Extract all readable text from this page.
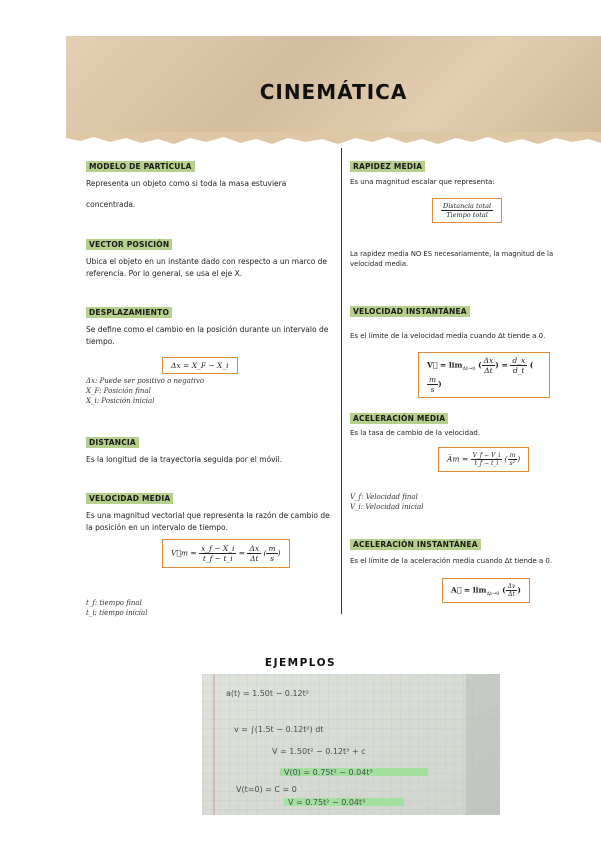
CINEMÁTICA
MODELO DE PARTÍCULA
Representa un objeto como si toda la masa estuviera
concentrada.
VECTOR POSICIÓN
Ubica el objeto en un instante dado con respecto a un marco de referencia. Por lo general, se usa el eje X.
DESPLAZAMIENTO
Se define como el cambio en la posición durante un intervalo de tiempo.
Δx = X_F − X_i
Δx: Puede ser positivo o negativo
X_F: Posición final
X_i: Posición inicial
DISTANCIA
Es la longitud de la trayectoria seguida por el móvil.
VELOCIDAD MEDIA
Es una magnitud vectorial que representa la razón de cambio de la posición en un intervalo de tiempo.
V⃗m = $\frac{x\_f - X\_i}{t\_f - t\_i} = \frac{\Delta x}{\Delta t}$ ( $\frac{m}{s}$ )
t_f: tiempo final
t_i: tiempo inicial
RAPIDEZ MEDIA
Es una magnitud escalar que representa:
$\frac{\text{Distancia total}}{\text{Tiempo total}}$
La rapidez media NO ES necesariamente, la magnitud de la velocidad media.
VELOCIDAD INSTANTÁNEA
Es el límite de la velocidad media cuando Δt tiende a 0.
V⃗ = $\lim_{\Delta t\to 0}$ ( $\frac{\Delta x}{\Delta t}$ ) = $\frac{d\_x}{d\_t}$ (
$\frac{m}{s}$ )
ACELERACIÓN MEDIA
Es la tasa de cambio de la velocidad.
A̅m = $\frac{V\_f - V\_i}{t\_f - t\_i}$ ( $\frac{m}{\text{s²}}$ )
V_f: Velocidad final
V_i: Velocidad inicial
ACELERACIÓN INSTANTÁNEA
Es el límite de la aceleración media cuando Δt tiende a 0.
A⃗ = $\lim_{\Delta t\to 0}$ ( $\frac{\Delta v}{\Delta t}$ )
EJEMPLOS
a(t) = 1.50t − 0.12t²
v = ∫(1.5t − 0.12t²) dt
V = 1.50t² − 0.12t³ + c
V(0) = 0.75t² − 0.04t³
V(t=0) = C = 0
V = 0.75t² − 0.04t³
